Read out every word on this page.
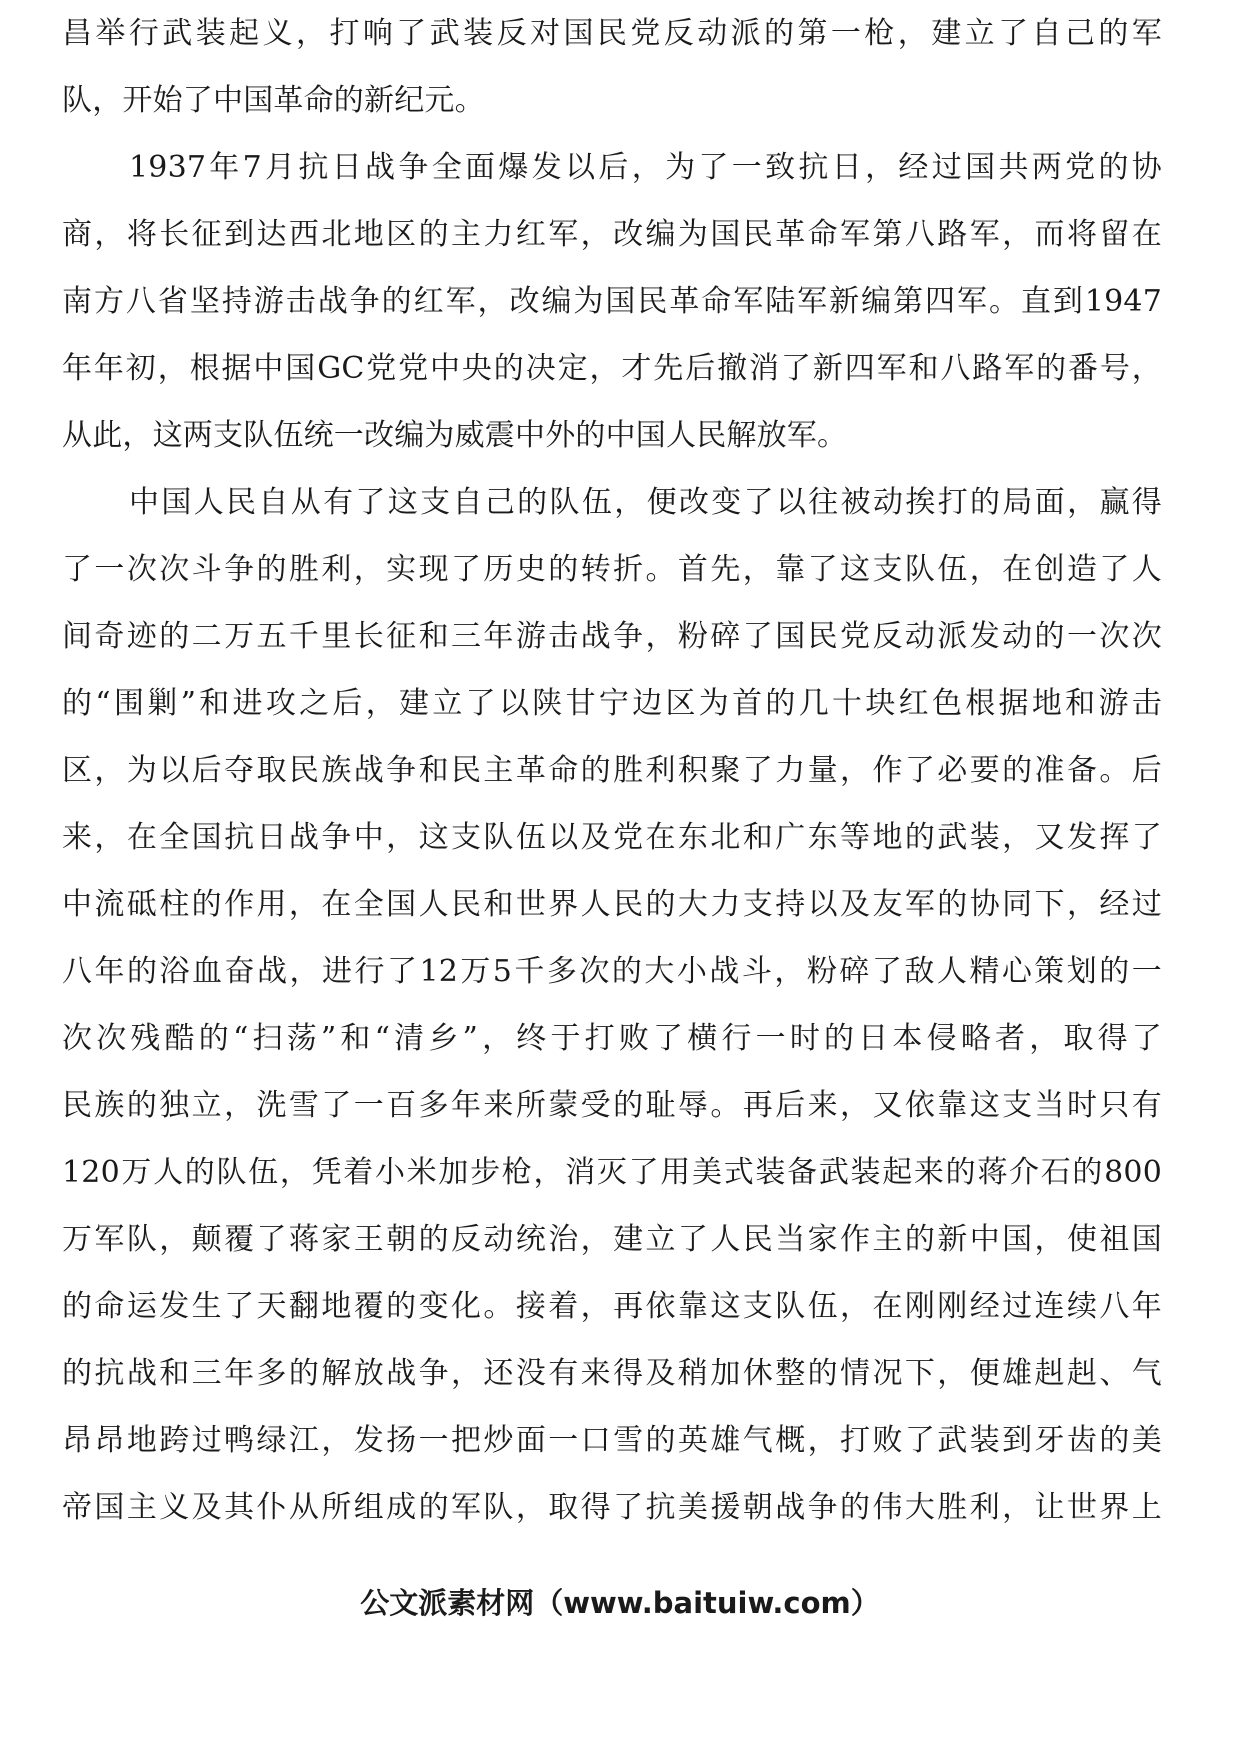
昌举行武装起义，打响了武装反对国民党反动派的第一枪，建立了自己的军
队，开始了中国革命的新纪元。
1937年7月抗日战争全面爆发以后，为了一致抗日，经过国共两党的协
商，将长征到达西北地区的主力红军，改编为国民革命军第八路军，而将留在
南方八省坚持游击战争的红军，改编为国民革命军陆军新编第四军。直到1947
年年初，根据中国GC党党中央的决定，才先后撤消了新四军和八路军的番号，
从此，这两支队伍统一改编为威震中外的中国人民解放军。
中国人民自从有了这支自己的队伍，便改变了以往被动挨打的局面，赢得
了一次次斗争的胜利，实现了历史的转折。首先，靠了这支队伍，在创造了人
间奇迹的二万五千里长征和三年游击战争，粉碎了国民党反动派发动的一次次
的“围剿”和进攻之后，建立了以陕甘宁边区为首的几十块红色根据地和游击
区，为以后夺取民族战争和民主革命的胜利积聚了力量，作了必要的准备。后
来，在全国抗日战争中，这支队伍以及党在东北和广东等地的武装，又发挥了
中流砥柱的作用，在全国人民和世界人民的大力支持以及友军的协同下，经过
八年的浴血奋战，进行了12万5千多次的大小战斗，粉碎了敌人精心策划的一
次次残酷的“扫荡”和“清乡”，终于打败了横行一时的日本侵略者，取得了
民族的独立，洗雪了一百多年来所蒙受的耻辱。再后来，又依靠这支当时只有
120万人的队伍，凭着小米加步枪，消灭了用美式装备武装起来的蒋介石的800
万军队，颠覆了蒋家王朝的反动统治，建立了人民当家作主的新中国，使祖国
的命运发生了天翻地覆的变化。接着，再依靠这支队伍，在刚刚经过连续八年
的抗战和三年多的解放战争，还没有来得及稍加休整的情况下，便雄赳赳、气
昂昂地跨过鸭绿江，发扬一把炒面一口雪的英雄气概，打败了武装到牙齿的美
帝国主义及其仆从所组成的军队，取得了抗美援朝战争的伟大胜利，让世界上
公文派素材网（www.baituiw.com）
